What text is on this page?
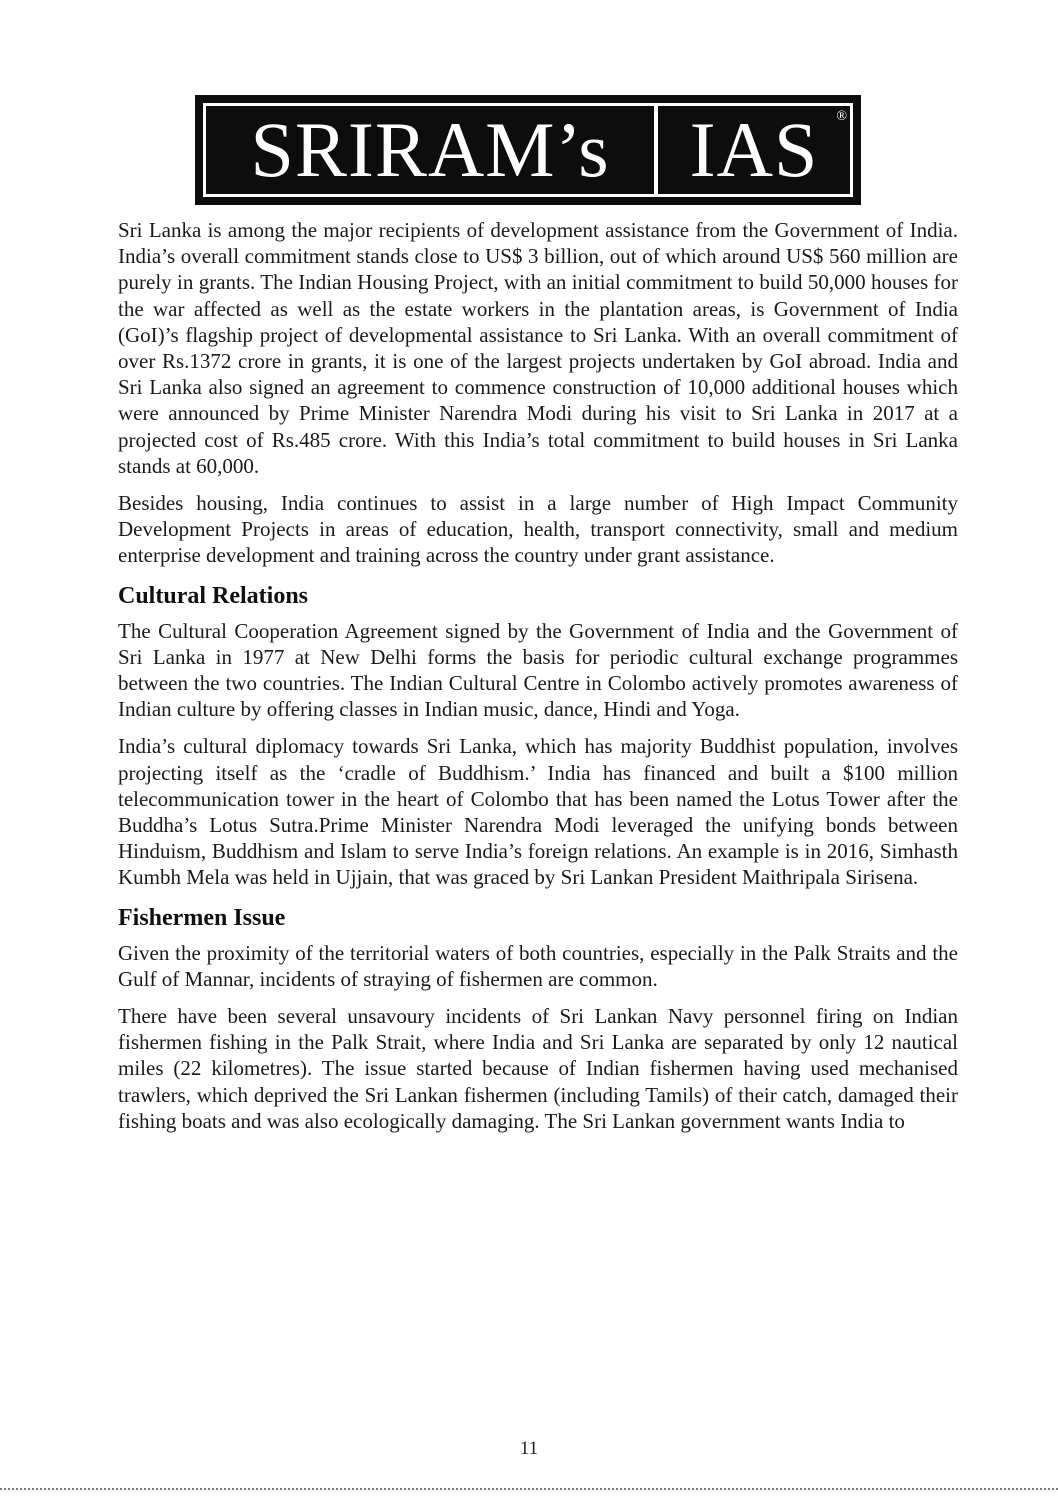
SRIRAM’s	IAS ®

Sri Lanka is among the major recipients of development assistance from the Government of India. India’s overall commitment stands close to US$ 3 billion, out of which around US$ 560 million are purely in grants. The Indian Housing Project, with an initial commitment to build 50,000 houses for the war affected as well as the estate workers in the plantation areas, is Government of India (GoI)’s flagship project of developmental assistance to Sri Lanka. With an overall commitment of over Rs.1372 crore in grants, it is one of the largest projects undertaken by GoI abroad. India and Sri Lanka also signed an agreement to commence construction of 10,000 additional houses which were announced by Prime Minister Narendra Modi during his visit to Sri Lanka in 2017 at a projected cost of Rs.485 crore. With this India’s total commitment to build houses in Sri Lanka stands at 60,000.

Besides housing, India continues to assist in a large number of High Impact Community Development Projects in areas of education, health, transport connectivity, small and medium enterprise development and training across the country under grant assistance.

Cultural Relations

The Cultural Cooperation Agreement signed by the Government of India and the Government of Sri Lanka in 1977 at New Delhi forms the basis for periodic cultural exchange programmes between the two countries. The Indian Cultural Centre in Colombo actively promotes awareness of Indian culture by offering classes in Indian music, dance, Hindi and Yoga.

India’s cultural diplomacy towards Sri Lanka, which has majority Buddhist population, involves projecting itself as the ‘cradle of Buddhism.’ India has financed and built a $100 million telecommunication tower in the heart of Colombo that has been named the Lotus Tower after the Buddha’s Lotus Sutra.Prime Minister Narendra Modi leveraged the unifying bonds between Hinduism, Buddhism and Islam to serve India’s foreign relations. An example is in 2016, Simhasth Kumbh Mela was held in Ujjain, that was graced by Sri Lankan President Maithripala Sirisena.

Fishermen Issue

Given the proximity of the territorial waters of both countries, especially in the Palk Straits and the Gulf of Mannar, incidents of straying of fishermen are common.

There have been several unsavoury incidents of Sri Lankan Navy personnel firing on Indian fishermen fishing in the Palk Strait, where India and Sri Lanka are separated by only 12 nautical miles (22 kilometres). The issue started because of Indian fishermen having used mechanised trawlers, which deprived the Sri Lankan fishermen (including Tamils) of their catch, damaged their fishing boats and was also ecologically damaging. The Sri Lankan government wants India to

11
